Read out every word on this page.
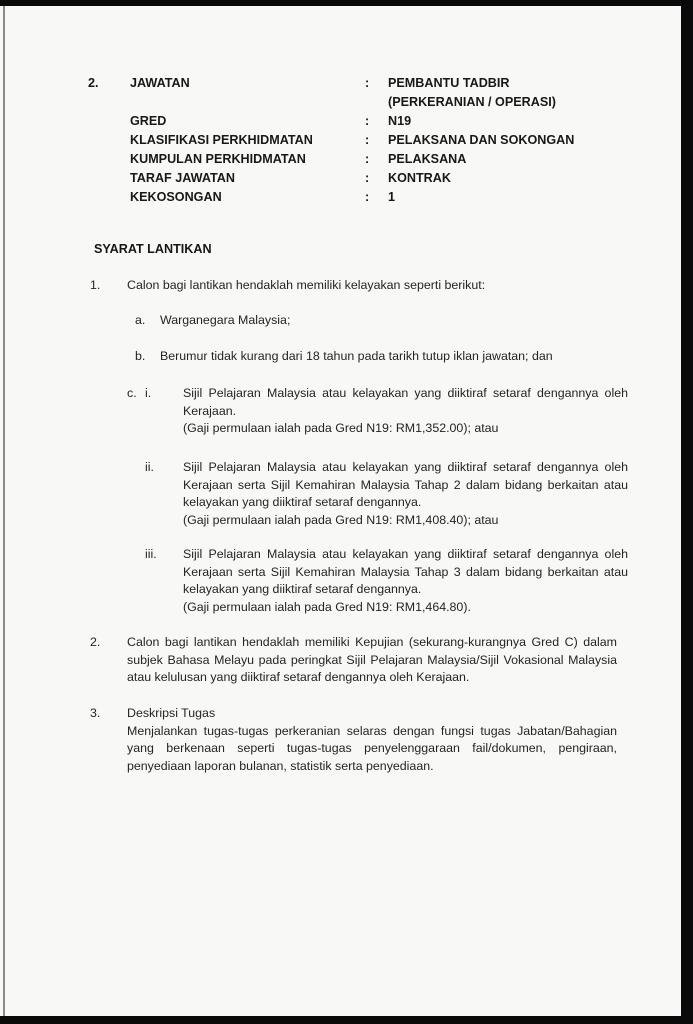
2.	JAWATAN	:	PEMBANTU TADBIR
(PERKERANIAN / OPERASI)
GRED	:	N19
KLASIFIKASI PERKHIDMATAN	:	PELAKSANA DAN SOKONGAN
KUMPULAN PERKHIDMATAN	:	PELAKSANA
TARAF JAWATAN	:	KONTRAK
KEKOSONGAN	:	1
SYARAT LANTIKAN
1.	Calon bagi lantikan hendaklah memiliki kelayakan seperti berikut:
a.	Warganegara Malaysia;
b.	Berumur tidak kurang dari 18 tahun pada tarikh tutup iklan jawatan; dan
c. i.	Sijil Pelajaran Malaysia atau kelayakan yang diiktiraf setaraf dengannya oleh Kerajaan.
(Gaji permulaan ialah pada Gred N19: RM1,352.00); atau
ii.	Sijil Pelajaran Malaysia atau kelayakan yang diiktiraf setaraf dengannya oleh Kerajaan serta Sijil Kemahiran Malaysia Tahap 2 dalam bidang berkaitan atau kelayakan yang diiktiraf setaraf dengannya.
(Gaji permulaan ialah pada Gred N19: RM1,408.40); atau
iii.	Sijil Pelajaran Malaysia atau kelayakan yang diiktiraf setaraf dengannya oleh Kerajaan serta Sijil Kemahiran Malaysia Tahap 3 dalam bidang berkaitan atau kelayakan yang diiktiraf setaraf dengannya.
(Gaji permulaan ialah pada Gred N19: RM1,464.80).
2.	Calon bagi lantikan hendaklah memiliki Kepujian (sekurang-kurangnya Gred C) dalam subjek Bahasa Melayu pada peringkat Sijil Pelajaran Malaysia/Sijil Vokasional Malaysia atau kelulusan yang diiktiraf setaraf dengannya oleh Kerajaan.
3.	Deskripsi Tugas
Menjalankan tugas-tugas perkeranian selaras dengan fungsi tugas Jabatan/Bahagian yang berkenaan seperti tugas-tugas penyelenggaraan fail/dokumen, pengiraan, penyediaan laporan bulanan, statistik serta penyediaan.
